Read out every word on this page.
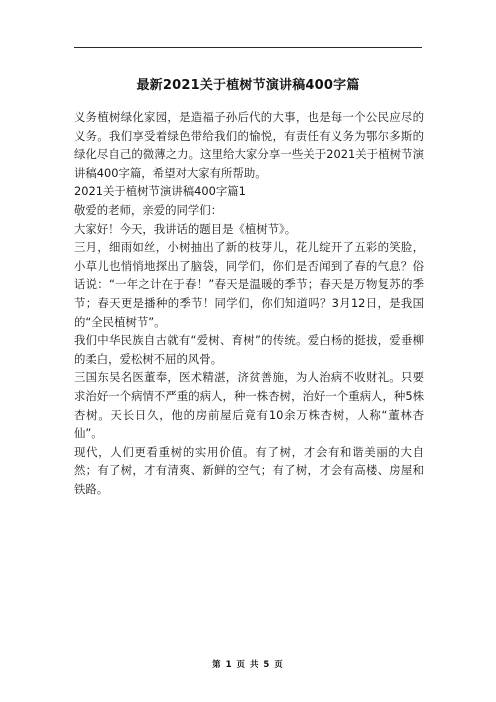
最新2021关于植树节演讲稿400字篇

义务植树绿化家园，是造福子孙后代的大事，也是每一个公民应尽的义务。我们享受着绿色带给我们的愉悦，有责任有义务为鄂尔多斯的绿化尽自己的微薄之力。这里给大家分享一些关于2021关于植树节演讲稿400字篇，希望对大家有所帮助。

2021关于植树节演讲稿400字篇1

敬爱的老师，亲爱的同学们：

大家好！今天，我讲话的题目是《植树节》。

三月，细雨如丝，小树抽出了新的枝芽儿，花儿绽开了五彩的笑脸，小草儿也悄悄地探出了脑袋，同学们，你们是否闻到了春的气息？俗话说：“一年之计在于春！”春天是温暖的季节；春天是万物复苏的季节；春天更是播种的季节！同学们，你们知道吗？3月12日，是我国的“全民植树节”。

我们中华民族自古就有“爱树、育树”的传统。爱白杨的挺拔，爱垂柳的柔白，爱松树不屈的风骨。

三国东吴名医董奉，医术精湛，济贫善施，为人治病不收财礼。只要求治好一个病情不严重的病人，种一株杏树，治好一个重病人，种5株杏树。天长日久，他的房前屋后竟有10余万株杏树，人称“董林杏仙”。

现代，人们更看重树的实用价值。有了树，才会有和谐美丽的大自然；有了树，才有清爽、新鲜的空气；有了树，才会有高楼、房屋和铁路。

第 1 页 共 5 页
